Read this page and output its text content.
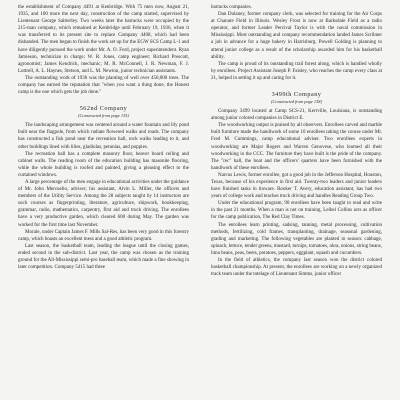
the establishment of Company 4491 at Kenbridge. With 75 men now, August 21, 1935, and 100 more the next day, construction of the camp started, supervised by Lieutenant George Saltterley. Two weeks later the barracks were occupied by the 215-man company, which remained at Kenbridge until February 19, 1936, when it was transferred to its present site to replace Company 4408, which had been disbanded. The men began to finish the work set up for the EGW SCS Camp L-1 and have diligently pursued the work under Mr. A. O. Ford, project superintendent. Ryan Jamieson, technician in charge; W. R. Jones, camp engineer; Richard Prescott, agronomist; James Kendrick, mechanic; M. R. McConnell, J. R. Newman, F. J. Luttrell, A. L. Haynes, Stetson, and L. M. Newton, junior technician assistants.

The outstanding work of 1936 was the planting of well over 450,000 trees. The company has earned the reputation that "when you want a thing done, the Honest camp is the one which gets the job done."

562nd Company
(Constructed from page 135)

The landscaping arrangement was centered around a water fountain and lily pond built near the flagpole, from which radiate flowered walks and roads. The company has constructed a fish pond near the recreation hall, rock walks leading to it, and other buildings lined with lilies, gladiolas, petunias, and poppies.

The recreation hall has a complete masonry floor, beaver board ceiling and cabinet walls. The reading room of the education building has masonite flooring, while the whole building is roofed and painted, giving a pleasing effect to the curtained windows.

A large percentage of the men engage in educational activities under the guidance of Mr. John Mercuelio, adviser; his assistant, Alvin L. Miller, the officers and members of the Utility Service. Among the 28 subjects taught by 14 instructors are such courses as fingerprinting, literature, agriculture, shipwork, bookkeeping, grammar, radio, mathematics, carpentry, first aid and truck driving. The enrollees have a very productive garden, which cleared 600 during May. The garden was worked for the first time last November.

Morale, under Captain James F. Mills Sal-Res, has been very good in this forestry camp, which boasts an excellent mess and a good athletic program.

Last season, the basketball team, leading the league until the closing games, ended second in the sub-district. Last year, the camp was chosen as the training ground for the All-Mississippi semi-pro baseball team, which made a fine showing in later competition. Company 5415 had three

barracks companies.

Dan Dulaney, former company clerk, was selected for training for the Air Corps at Chanute Field in Illinois. Wesley Frost is now at Barksdale Field as a radio operator, and former Leader Percival Taylor is with the naval commission in Mississippi. Most outstanding and company recommendation landed James Scribner a job in advance for a huge bakery in Harrisburg. Powell Golding is planning to attend junior college as a result of the scholarship awarded him for his basketball ability.

The camp is proud of its outstanding trail forest along, which is handled wholly by enrollees. Project Assistant Joseph P. Faisley, who reaches the camp every class at 21, helped in setting it up and caring for it.

3499th Company
(Constructed from page 138)

Company 3499 located at Camp SCS-21, Kerrville, Louisiana, is outstanding among junior colored companies in District E.

The woodworking output is praised by all observers. Enrollees carved and marble built furniture made the handiwork of some 10 enrollees taking the course under Mr. Fred M. Cummings, camp educational adviser. Two enrollees experts in woodworking are Major Rogers and Warren Genovese, who learned all their woodworking in the CCC. The furniture they have built is the pride of the company. The "rec" hall, the boat and the officers' quarters have been furnished with the handiwork of these enrollees.

Narcus Lewis, former enrollee, got a good job in the Jefferson Hospital, Houston, Texas, because of his experience in first aid. Twenty-two leaders and junior leaders have finished tasks in tinware. Booker T. Avery, education assistant, has had two years of college work and teaches truck driving and handles Reading Group Two.

Under the educational program, 90 enrollees have been taught to read and write in the past 21 months. When a man is not on training, Leibel Collins acts as officer for the camp publication, The Red Clay Times.

The enrollees learn printing, sadsing, tanning, metal processing, cultivation methods, fertilizing, cold frames, transplanting, drainage, seasonal gardening, grading and marketing. The following vegetables are planted in season: cabbage, spinach, lettuce, tender greens, mustard, turnips, tomatoes, okra, onions, string beans, lima beans, peas, beets, potatoes, peppers, eggplant, squash and cucumbers.

In the field of athletics, the company last season won the district colored basketball championship. At present, the enrollees are working on a newly organized track team under the tutelage of Lieutenant Simms, junior officer
